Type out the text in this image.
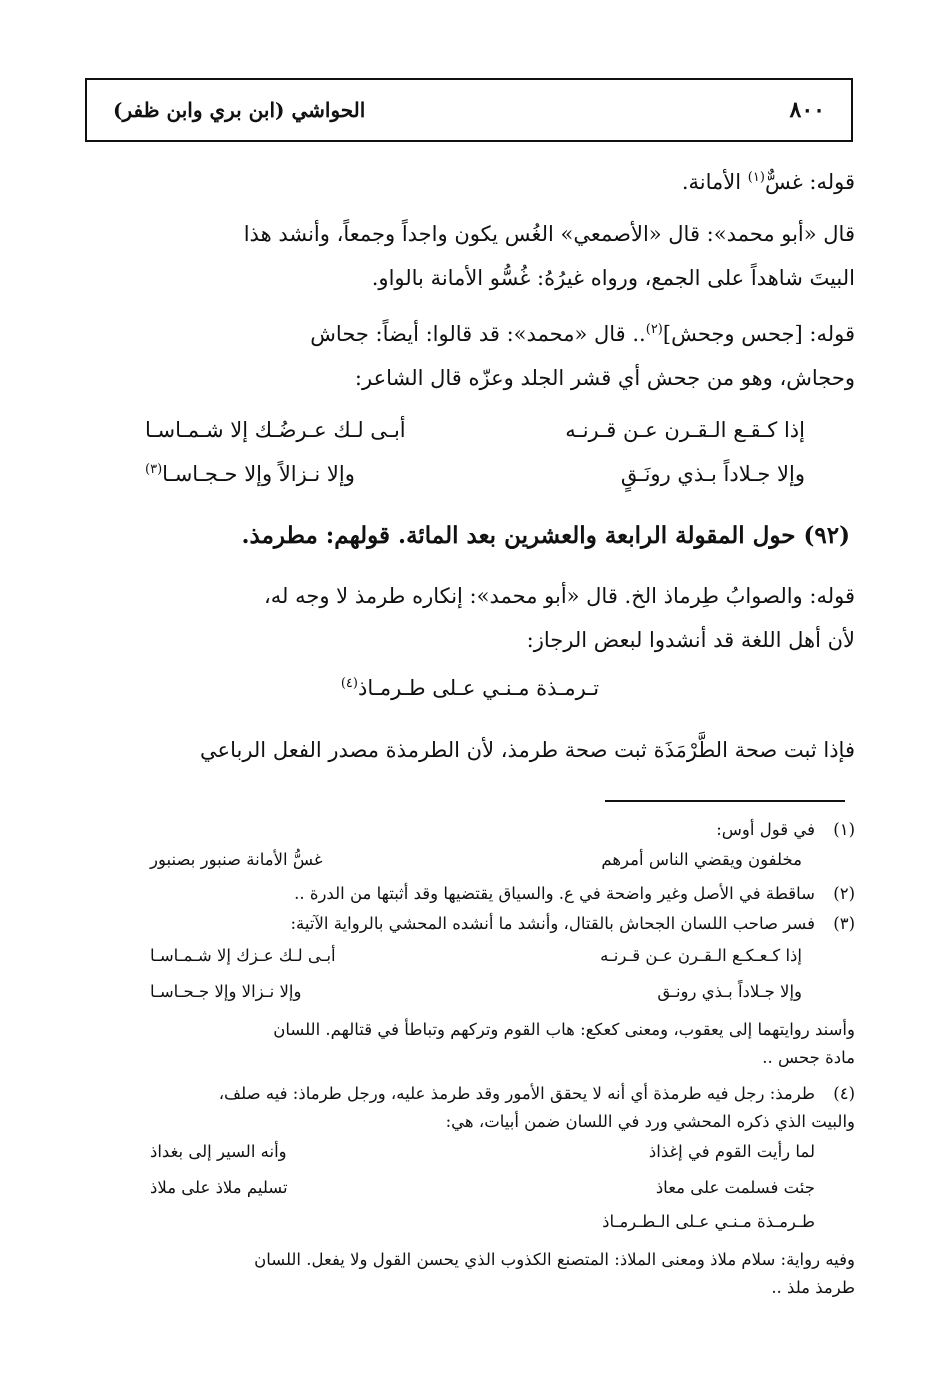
٨٠٠
الحواشي (ابن بري وابن ظفر)

قوله: غسٌّ$^{(١)}$ الأمانة.

قال «أبو محمد»: قال «الأصمعي» الغُس يكون واجداً وجمعاً، وأنشد هذا

البيتَ شاهداً على الجمع، ورواه غيرُهُ: غُسُّو الأمانة بالواو.

قوله: [جحس وجحش]$^{(٢)}$.. قال «محمد»: قد قالوا: أيضاً: جحاش

وحجاش، وهو من جحش أي قشر الجلد وعزّه قال الشاعر:

إذا كـقـع الـقـرن عـن قـرنـه
أبـى لـك عـرضُـك إلا شـمـاسـا
وإلا جـلاداً بـذي رونَـقٍ
وإلا نـزالاً وإلا حـجـاسـا$^{(٣)}$
(٩٢) حول المقولة الرابعة والعشرين بعد المائة. قولهم: مطرمذ.

قوله: والصوابُ طِرماذ الخ. قال «أبو محمد»: إنكاره طرمذ لا وجه له،

لأن أهل اللغة قد أنشدوا لبعض الرجاز:

تـرمـذة مـنـي عـلى طـرمـاذ$^{(٤)}$

فإذا ثبت صحة الطَّرْمَذَة ثبت صحة طرمذ، لأن الطرمذة مصدر الفعل الرباعي

(١)
في قول أوس:
مخلفون ويقضي الناس أمرهم
غسُّ الأمانة صنبور بصنبور
(٢)
ساقطة في الأصل وغير واضحة في ع. والسياق يقتضيها وقد أثبتها من الدرة ..
(٣)
فسر صاحب اللسان الجحاش بالقتال، وأنشد ما أنشده المحشي بالرواية الآتية:
إذا كـعـكـع الـقـرن عـن قـرنـه
أبـى لـك عـزك إلا شـمـاسـا
وإلا جـلاداً بـذي رونـق
وإلا نـزالا وإلا جـحـاسـا
وأسند روايتهما إلى يعقوب، ومعنى كعكع: هاب القوم وتركهم وتباطأ في قتالهم. اللسان
مادة جحس ..
(٤)
طرمذ: رجل فيه طرمذة أي أنه لا يحقق الأمور وقد طرمذ عليه، ورجل طرماذ: فيه صلف،
والبيت الذي ذكره المحشي ورد في اللسان ضمن أبيات، هي:
لما رأيت القوم في إغذاذ
وأنه السير إلى بغداذ
جئت فسلمت على معاذ
تسليم ملاذ على ملاذ
طـرمـذة مـنـي عـلى الـطـرمـاذ
وفيه رواية: سلام ملاذ ومعنى الملاذ: المتصنع الكذوب الذي يحسن القول ولا يفعل. اللسان
طرمذ ملذ ..
